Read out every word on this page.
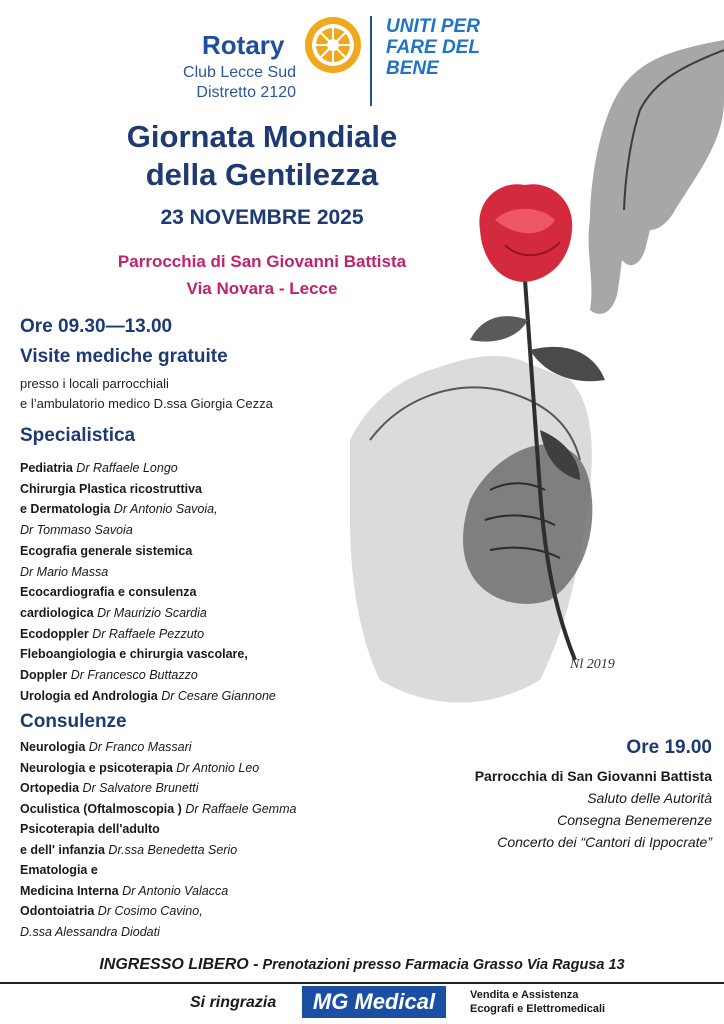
Nl 2019
Rotary
Club Lecce Sud
Distretto 2120
UNITI PER
FARE DEL
BENE
Giornata Mondiale
della Gentilezza
23 NOVEMBRE 2025
Parrocchia di San Giovanni Battista
Via Novara - Lecce
Ore 09.30—13.00
Visite mediche gratuite
presso i locali parrocchiali
e l’ambulatorio medico D.ssa Giorgia Cezza
Specialistica
Pediatria Dr Raffaele Longo
Chirurgia Plastica ricostruttiva
e Dermatologia Dr Antonio Savoia,
Dr Tommaso Savoia
Ecografia generale sistemica
Dr Mario Massa
Ecocardiografia e consulenza
cardiologica Dr Maurizio Scardia
Ecodoppler Dr Raffaele Pezzuto
Fleboangiologia e chirurgia vascolare,
Doppler Dr Francesco Buttazzo
Urologia ed Andrologia Dr Cesare Giannone
Consulenze
Neurologia Dr Franco Massari
Neurologia e psicoterapia Dr Antonio Leo
Ortopedia Dr Salvatore Brunetti
Oculistica (Oftalmoscopia ) Dr Raffaele Gemma
Psicoterapia dell'adulto
e dell' infanzia Dr.ssa Benedetta Serio
Ematologia e
Medicina Interna Dr Antonio Valacca
Odontoiatria Dr Cosimo Cavino,
D.ssa Alessandra Diodati
Ore 19.00
Parrocchia di San Giovanni Battista
Saluto delle Autorità
Consegna Benemerenze
Concerto dei “Cantori di Ippocrate”
INGRESSO LIBERO - Prenotazioni presso Farmacia Grasso Via Ragusa 13
Si ringrazia MG Medical	Vendita e Assistenza
Ecografi e Elettromedicali
